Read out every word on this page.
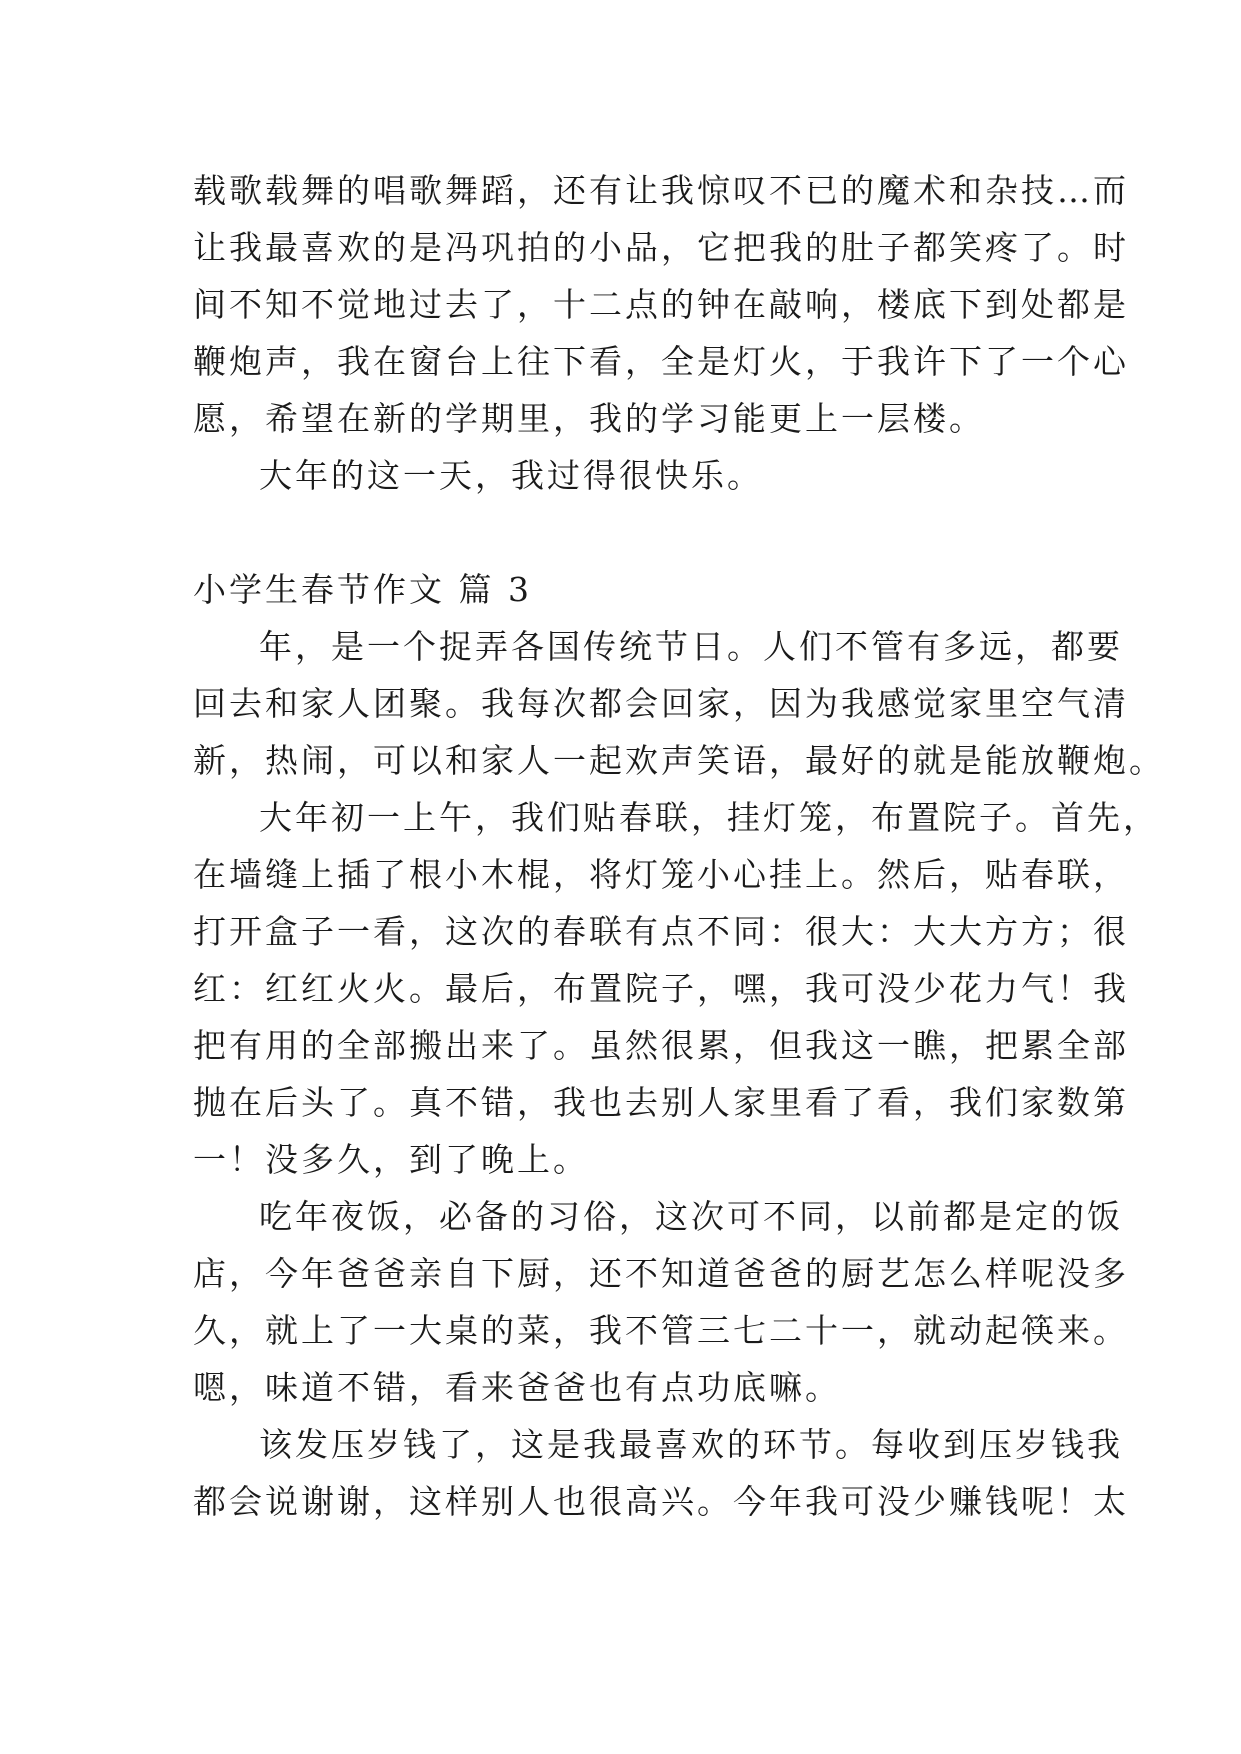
载歌载舞的唱歌舞蹈，还有让我惊叹不已的魔术和杂技…而
让我最喜欢的是冯巩拍的小品，它把我的肚子都笑疼了。时
间不知不觉地过去了，十二点的钟在敲响，楼底下到处都是
鞭炮声，我在窗台上往下看，全是灯火，于我许下了一个心
愿，希望在新的学期里，我的学习能更上一层楼。
大年的这一天，我过得很快乐。
小学生春节作文 篇 3
年，是一个捉弄各国传统节日。人们不管有多远，都要
回去和家人团聚。我每次都会回家，因为我感觉家里空气清
新，热闹，可以和家人一起欢声笑语，最好的就是能放鞭炮。
大年初一上午，我们贴春联，挂灯笼，布置院子。首先，
在墙缝上插了根小木棍，将灯笼小心挂上。然后，贴春联，
打开盒子一看，这次的春联有点不同：很大：大大方方；很
红：红红火火。最后，布置院子，嘿，我可没少花力气！我
把有用的全部搬出来了。虽然很累，但我这一瞧，把累全部
抛在后头了。真不错，我也去别人家里看了看，我们家数第
一！没多久，到了晚上。
吃年夜饭，必备的习俗，这次可不同，以前都是定的饭
店，今年爸爸亲自下厨，还不知道爸爸的厨艺怎么样呢没多
久，就上了一大桌的菜，我不管三七二十一，就动起筷来。
嗯，味道不错，看来爸爸也有点功底嘛。
该发压岁钱了，这是我最喜欢的环节。每收到压岁钱我
都会说谢谢，这样别人也很高兴。今年我可没少赚钱呢！太
